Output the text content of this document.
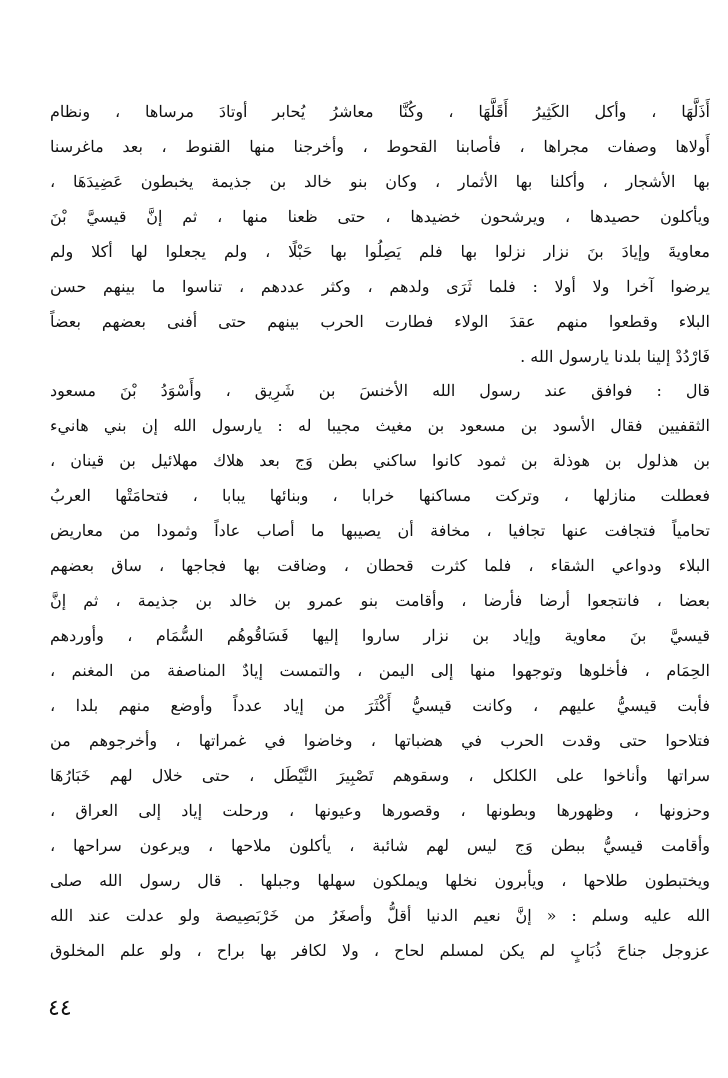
أَذَلَّهَا ، وأكل الكَثِيرُ أَقَلَّهَا ، وكُنَّا معاشرُ يُحابر أوتادَ مرساها ، ونظام
أَولاها وصفات مجراها ، فأصابنا القحوط ، وأخرجنا منها القنوط ، بعد ماغرسنا
بها الأشجار ، وأكلنا بها الأثمار ، وكان بنو خالد بن جذيمة يخبطون عَضِيدَهَا ،
ويأكلون حصيدها ، ويرشحون خضيدها ، حتى ظعنا منها ، ثم إنَّ قيسيَّ بْنَ
معاويةَ وإيادَ بنَ نزار نزلوا بها فلم يَصِلُوا بها حَبْلًا ، ولم يجعلوا لها أكلا ولم
يرضوا آخرا ولا أولا : فلما ثَرَى ولدهم ، وكثر عددهم ، تناسوا ما بينهم حسن
البلاء وقطعوا منهم عقدَ الولاء فطارت الحرب بينهم حتى أفنى بعضهم بعضاً
فَارْدُدْ إلينا بلدنا يارسول الله .
قال : فوافق عند رسول الله الأخنسَ بن شَرِيق ، وأَسْوَدُ بْنَ مسعود
الثقفيين فقال الأسود بن مسعود بن مغيث مجيبا له : يارسول الله إن بني هانيء
بن هذلول بن هوذلة بن ثمود كانوا ساكني بطن وَج بعد هلاك مهلائيل بن قينان ،
فعطلت منازلها ، وتركت مساكنها خرابا ، وبنائها يبابا ، فتحامَتْها العربُ
تحامياً فتجافت عنها تجافيا ، مخافة أن يصيبها ما أصاب عاداً وثمودا من معاريض
البلاء ودواعي الشقاء ، فلما كثرت قحطان ، وضاقت بها فجاجها ، ساق بعضهم
بعضا ، فانتجعوا أرضا فأرضا ، وأقامت بنو عمرو بن خالد بن جذيمة ، ثم إنَّ
قيسيَّ بنَ معاوية وإياد بن نزار ساروا إليها فَسَاقُوهُم السُّمَام ، وأوردهم
الحِمَام ، فأخلوها وتوجهوا منها إلى اليمن ، والتمست إيادٌ المناصفة من المغنم ،
فأبت قيسيُّ عليهم ، وكانت قيسيُّ أَكْثَرَ من إياد عدداً وأوضع منهم بلدا ،
فتلاحوا حتى وقدت الحرب في هضباتها ، وخاضوا في غمراتها ، وأخرجوهم من
سراتها وأناخوا على الكلكل ، وسقوهم تَصْبِيرَ النَّيْطَل ، حتى خلال لهم خَبَارُهَا
وحزونها ، وظهورها وبطونها ، وقصورها وعيونها ، ورحلت إياد إلى العراق ،
وأقامت قيسيُّ ببطن وَج ليس لهم شائبة ، يأكلون ملاحها ، ويرعون سراحها ،
ويختبطون طلاحها ، ويأبرون نخلها ويملكون سهلها وجبلها . قال رسول الله صلى
الله عليه وسلم : « إنَّ نعيم الدنيا أقلُّ وأصغَرُ من خَرْبَصِيصة ولو عدلت عند الله
عزوجل جناحَ ذُبَابٍ لم يكن لمسلم لحاح ، ولا لكافر بها براح ، ولو علم المخلوق
٤٤
